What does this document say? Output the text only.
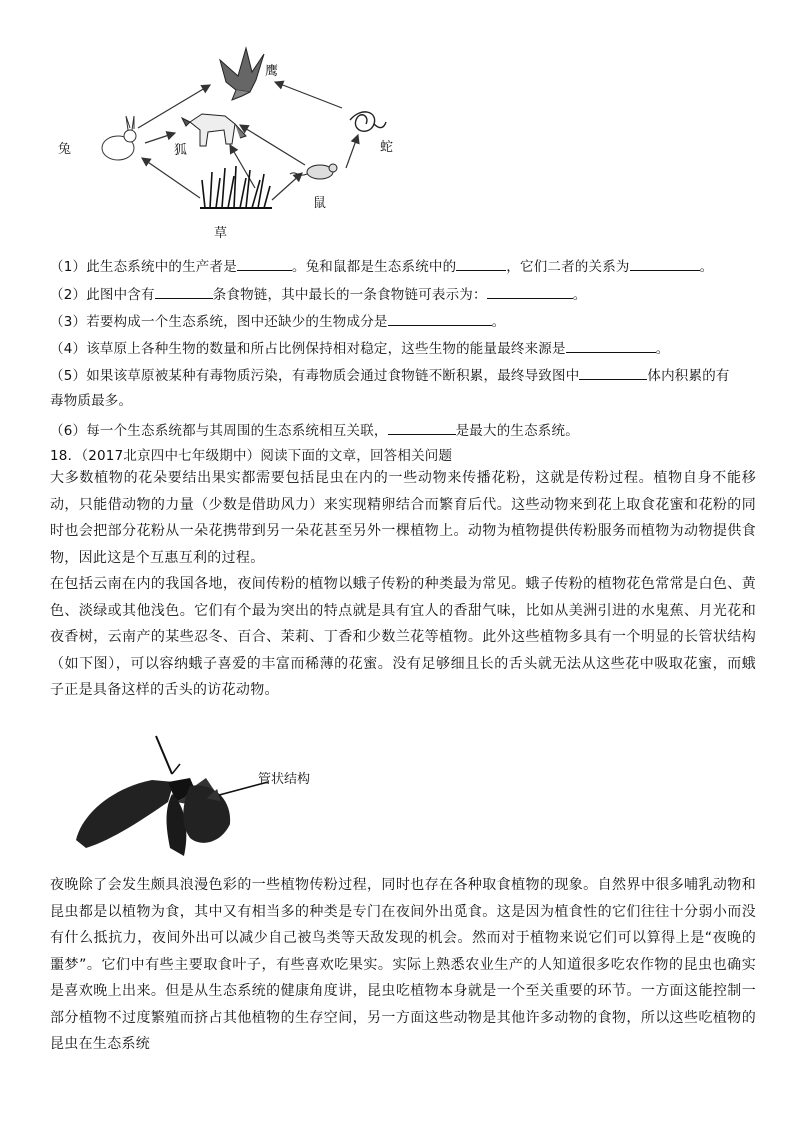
鹰
兔	狐	蛇
鼠
草
（1）此生态系统中的生产者是	。兔和鼠都是生态系统中的	，它们二者的关系为	。
（2）此图中含有	条食物链，其中最长的一条食物链可表示为：	。
（3）若要构成一个生态系统，图中还缺少的生物成分是	。
（4）该草原上各种生物的数量和所占比例保持相对稳定，这些生物的能量最终来源是	。
（5）如果该草原被某种有毒物质污染，有毒物质会通过食物链不断积累，最终导致图中	体内积累的有
毒物质最多。
（6）每一个生态系统都与其周围的生态系统相互关联，	是最大的生态系统。
18．（2017北京四中七年级期中）阅读下面的文章，回答相关问题

大多数植物的花朵要结出果实都需要包括昆虫在内的一些动物来传播花粉，这就是传粉过程。植物自身不能移动，只能借动物的力量（少数是借助风力）来实现精卵结合而繁育后代。这些动物来到花上取食花蜜和花粉的同时也会把部分花粉从一朵花携带到另一朵花甚至另外一棵植物上。动物为植物提供传粉服务而植物为动物提供食物，因此这是个互惠互利的过程。

在包括云南在内的我国各地，夜间传粉的植物以蛾子传粉的种类最为常见。蛾子传粉的植物花色常常是白色、黄色、淡绿或其他浅色。它们有个最为突出的特点就是具有宜人的香甜气味，比如从美洲引进的水鬼蕉、月光花和夜香树，云南产的某些忍冬、百合、茉莉、丁香和少数兰花等植物。此外这些植物多具有一个明显的长管状结构（如下图），可以容纳蛾子喜爱的丰富而稀薄的花蜜。没有足够细且长的舌头就无法从这些花中吸取花蜜，而蛾子正是具备这样的舌头的访花动物。

管状结构

夜晚除了会发生颇具浪漫色彩的一些植物传粉过程，同时也存在各种取食植物的现象。自然界中很多哺乳动物和昆虫都是以植物为食，其中又有相当多的种类是专门在夜间外出觅食。这是因为植食性的它们往往十分弱小而没有什么抵抗力，夜间外出可以减少自己被鸟类等天敌发现的机会。然而对于植物来说它们可以算得上是“夜晚的噩梦”。它们中有些主要取食叶子，有些喜欢吃果实。实际上熟悉农业生产的人知道很多吃农作物的昆虫也确实是喜欢晚上出来。但是从生态系统的健康角度讲，昆虫吃植物本身就是一个至关重要的环节。一方面这能控制一部分植物不过度繁殖而挤占其他植物的生存空间，另一方面这些动物是其他许多动物的食物，所以这些吃植物的昆虫在生态系统
